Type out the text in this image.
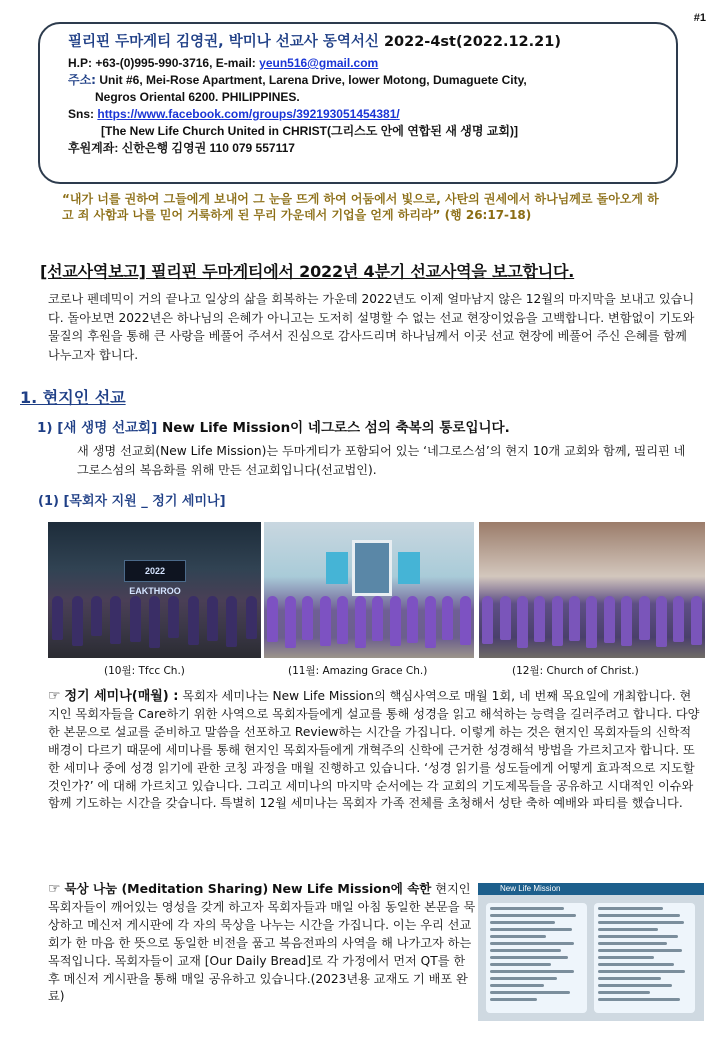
#1
필리핀 두마게티 김영권, 박미나 선교사 동역서신 2022-4st(2022.12.21)
H.P: +63-(0)995-990-3716, E-mail: yeun516@gmail.com
주소: Unit #6, Mei-Rose Apartment, Larena Drive, lower Motong, Dumaguete City,
Negros Oriental 6200. PHILIPPINES.
Sns: https://www.facebook.com/groups/392193051454381/
[The New Life Church United in CHRIST(그리스도 안에 연합된 새 생명 교회)]
후원계좌: 신한은행 김영권 110 079 557117
“내가 너를 권하여 그들에게 보내어 그 눈을 뜨게 하여 어둠에서 빛으로, 사탄의 권세에서 하나님께로 돌아오게 하고 죄 사함과 나를 믿어 거룩하게 된 무리 가운데서 기업을 얻게 하리라” (행 26:17-18)
[선교사역보고] 필리핀 두마게티에서 2022년 4분기 선교사역을 보고합니다.
코로나 펜데믹이 거의 끝나고 일상의 삶을 회복하는 가운데 2022년도 이제 얼마남지 않은 12월의 마지막을 보내고 있습니다. 돌아보면 2022년은 하나님의 은혜가 아니고는 도저히 설명할 수 없는 선교 현장이었음을 고백합니다. 변함없이 기도와 물질의 후원을 통해 큰 사랑을 베풀어 주셔서 진심으로 감사드리며 하나님께서 이곳 선교 현장에 베풀어 주신 은혜를 함께 나누고자 합니다.
1. 현지인 선교
1) [새 생명 선교회] New Life Mission이 네그로스 섬의 축복의 통로입니다.
새 생명 선교회(New Life Mission)는 두마게티가 포함되어 있는 ‘네그로스섬’의 현지 10개 교회와 함께, 필리핀 네그로스섬의 복음화를 위해 만든 선교회입니다(선교법인).
(1) [목회자 지원 _ 정기 세미나]
2022 EAKTHROO
(10월: Tfcc Ch.)	(11월: Amazing Grace Ch.)	(12월: Church of Christ.)
☞ 정기 세미나(매월) : 목회자 세미나는 New Life Mission의 핵심사역으로 매월 1회, 네 번째 목요일에 개최합니다. 현지인 목회자들을 Care하기 위한 사역으로 목회자들에게 설교를 통해 성경을 읽고 해석하는 능력을 길러주려고 합니다. 다양한 본문으로 설교를 준비하고 말씀을 선포하고 Review하는 시간을 가집니다. 이렇게 하는 것은 현지인 목회자들의 신학적 배경이 다르기 때문에 세미나를 통해 현지인 목회자들에게 개혁주의 신학에 근거한 성경해석 방법을 가르치고자 합니다. 또한 세미나 중에 성경 읽기에 관한 코칭 과정을 매월 진행하고 있습니다. ‘성경 읽기를 성도들에게 어떻게 효과적으로 지도할 것인가?’ 에 대해 가르치고 있습니다. 그리고 세미나의 마지막 순서에는 각 교회의 기도제목들을 공유하고 시대적인 이슈와 함께 기도하는 시간을 갖습니다. 특별히 12월 세미나는 목회자 가족 전체를 초청해서 성탄 축하 예배와 파티를 했습니다.
☞ 묵상 나눔 (Meditation Sharing) New Life Mission에 속한 현지인 목회자들이 깨어있는 영성을 갖게 하고자 목회자들과 매일 아침 동일한 본문을 묵상하고 메신저 게시판에 각 자의 묵상을 나누는 시간을 가집니다. 이는 우리 선교회가 한 마음 한 뜻으로 동일한 비전을 품고 복음전파의 사역을 해 나가고자 하는 목적입니다. 목회자들이 교재 [Our Daily Bread]로 각 가정에서 먼저 QT를 한 후 메신저 게시판을 통해 매일 공유하고 있습니다.(2023년용 교재도 기 배포 완료)
New Life Mission
